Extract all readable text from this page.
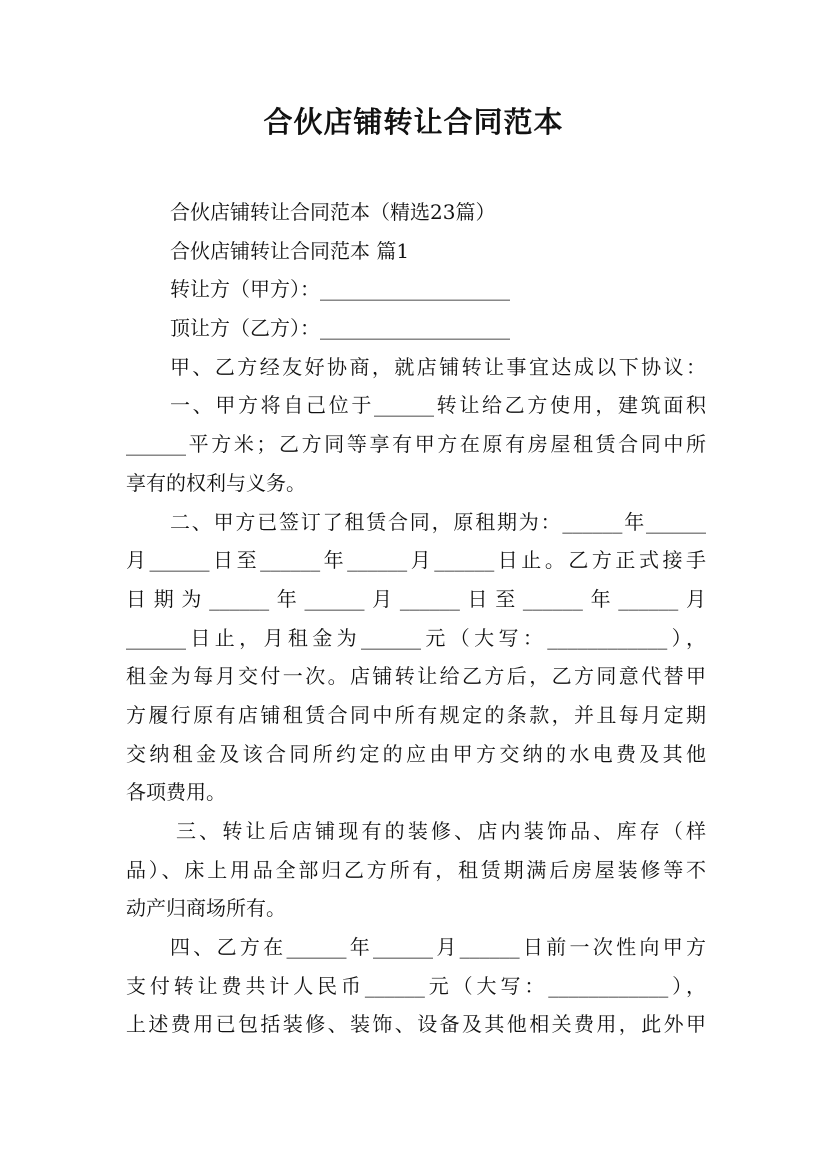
合伙店铺转让合同范本

合伙店铺转让合同范本（精选23篇）

合伙店铺转让合同范本 篇1

转让方（甲方）：___________________

顶让方（乙方）：___________________

甲、乙方经友好协商，就店铺转让事宜达成以下协议：

一、甲方将自己位于______转让给乙方使用，建筑面积

______平方米；乙方同等享有甲方在原有房屋租赁合同中所

享有的权利与义务。

二、甲方已签订了租赁合同，原租期为：______年______

月______日至______年______月______日止。乙方正式接手

日期为______年______月______日至______年______月

______日止，月租金为______元（大写：____________），

租金为每月交付一次。店铺转让给乙方后，乙方同意代替甲

方履行原有店铺租赁合同中所有规定的条款，并且每月定期

交纳租金及该合同所约定的应由甲方交纳的水电费及其他

各项费用。

三、转让后店铺现有的装修、店内装饰品、库存（样

品）、床上用品全部归乙方所有，租赁期满后房屋装修等不

动产归商场所有。

四、乙方在______年______月______日前一次性向甲方

支付转让费共计人民币______元（大写：____________），

上述费用已包括装修、装饰、设备及其他相关费用，此外甲
